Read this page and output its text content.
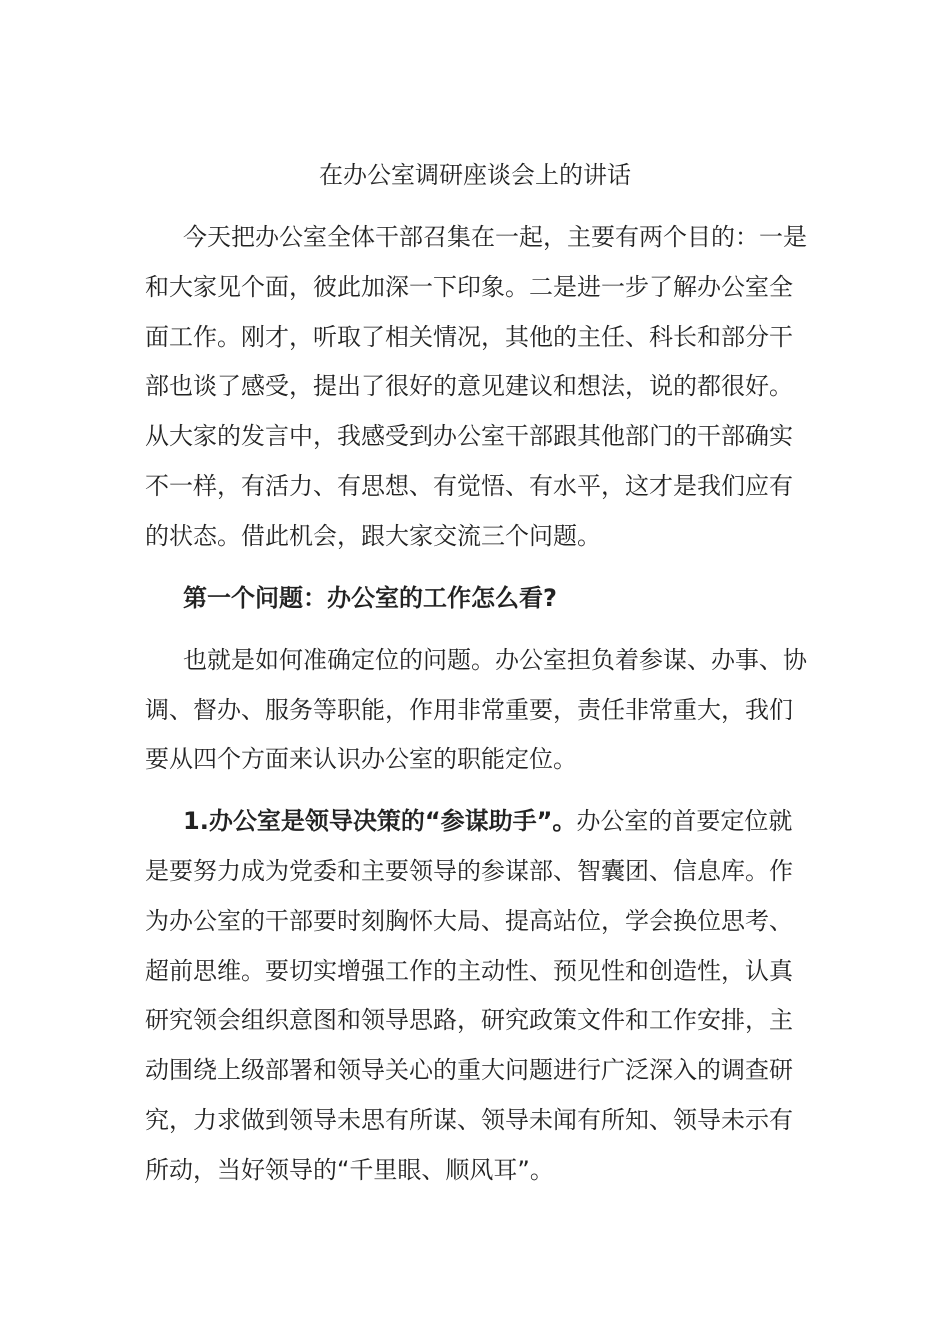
在办公室调研座谈会上的讲话
今天把办公室全体干部召集在一起，主要有两个目的：一是
和大家见个面，彼此加深一下印象。二是进一步了解办公室全
面工作。刚才，听取了相关情况，其他的主任、科长和部分干
部也谈了感受，提出了很好的意见建议和想法，说的都很好。
从大家的发言中，我感受到办公室干部跟其他部门的干部确实
不一样，有活力、有思想、有觉悟、有水平，这才是我们应有
的状态。借此机会，跟大家交流三个问题。
第一个问题：办公室的工作怎么看?
也就是如何准确定位的问题。办公室担负着参谋、办事、协
调、督办、服务等职能，作用非常重要，责任非常重大，我们
要从四个方面来认识办公室的职能定位。
1.办公室是领导决策的“参谋助手”。办公室的首要定位就
是要努力成为党委和主要领导的参谋部、智囊团、信息库。作
为办公室的干部要时刻胸怀大局、提高站位，学会换位思考、
超前思维。要切实增强工作的主动性、预见性和创造性，认真
研究领会组织意图和领导思路，研究政策文件和工作安排，主
动围绕上级部署和领导关心的重大问题进行广泛深入的调查研
究，力求做到领导未思有所谋、领导未闻有所知、领导未示有
所动，当好领导的“千里眼、顺风耳”。
